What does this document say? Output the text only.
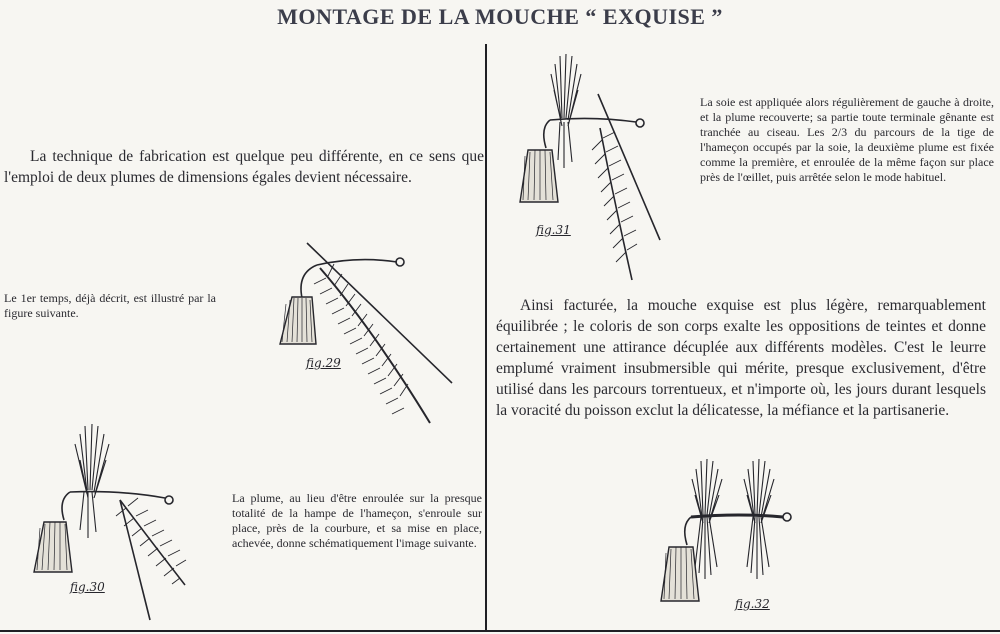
MONTAGE DE LA MOUCHE “ EXQUISE ”

La technique de fabrication est quelque peu différente, en ce sens que l'emploi de deux plumes de dimensions égales devient nécessaire.

Le 1er temps, déjà décrit, est illustré par la figure suivante.

La plume, au lieu d'être enroulée sur la presque totalité de la hampe de l'hameçon, s'enroule sur place, près de la courbure, et sa mise en place, achevée, donne schématiquement l'image suivante.

La soie est appliquée alors régulièrement de gauche à droite, et la plume recouverte; sa partie toute terminale gênante est tranchée au ciseau. Les 2/3 du parcours de la tige de l'hameçon occupés par la soie, la deuxième plume est fixée comme la première, et enroulée de la même façon sur place près de l'œillet, puis arrêtée selon le mode habituel.

Ainsi facturée, la mouche exquise est plus légère, remarquablement équilibrée ; le coloris de son corps exalte les oppositions de teintes et donne certainement une attirance décuplée aux différents modèles. C'est le leurre emplumé vraiment insubmersible qui mérite, presque exclusivement, d'être utilisé dans les parcours torrentueux, et n'importe où, les jours durant lesquels la voracité du poisson exclut la délicatesse, la méfiance et la partisanerie.

fig.29
fig.30
fig.31
fig.32
